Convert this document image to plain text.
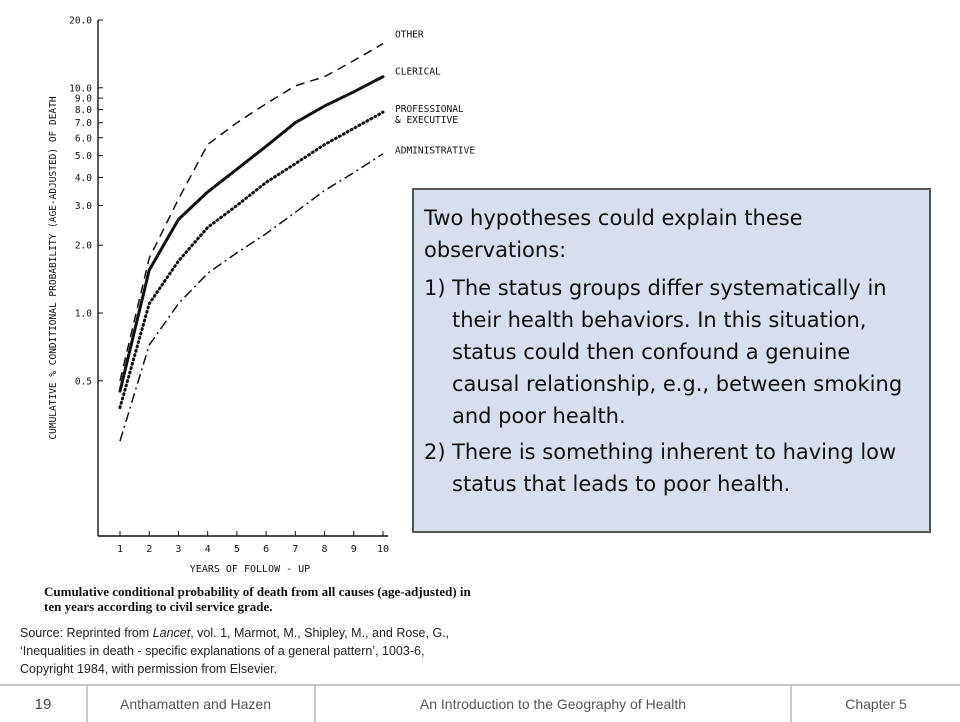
20.0
10.0
9.0
8.0
7.0
6.0
5.0
4.0
3.0
2.0
1.0
0.5
1 2 3 4 5 6 7 8 9 10
OTHER
CLERICAL
PROFESSIONAL & EXECUTIVE
ADMINISTRATIVE
CUMULATIVE % CONDITIONAL PROBABILITY (AGE-ADJUSTED) OF DEATH
YEARS OF FOLLOW - UP
Cumulative conditional probability of death from all causes (age-adjusted) in ten years according to civil service grade.
Source: Reprinted from Lancet, vol. 1, Marmot, M., Shipley, M., and Rose, G., ‘Inequalities in death - specific explanations of a general pattern’, 1003-6, Copyright 1984, with permission from Elsevier.
Two hypotheses could explain these observations:
1) The status groups differ systematically in their health behaviors. In this situation, status could then confound a genuine causal relationship, e.g., between smoking and poor health.
2) There is something inherent to having low status that leads to poor health.
19	Anthamatten and Hazen	An Introduction to the Geography of Health	Chapter 5
